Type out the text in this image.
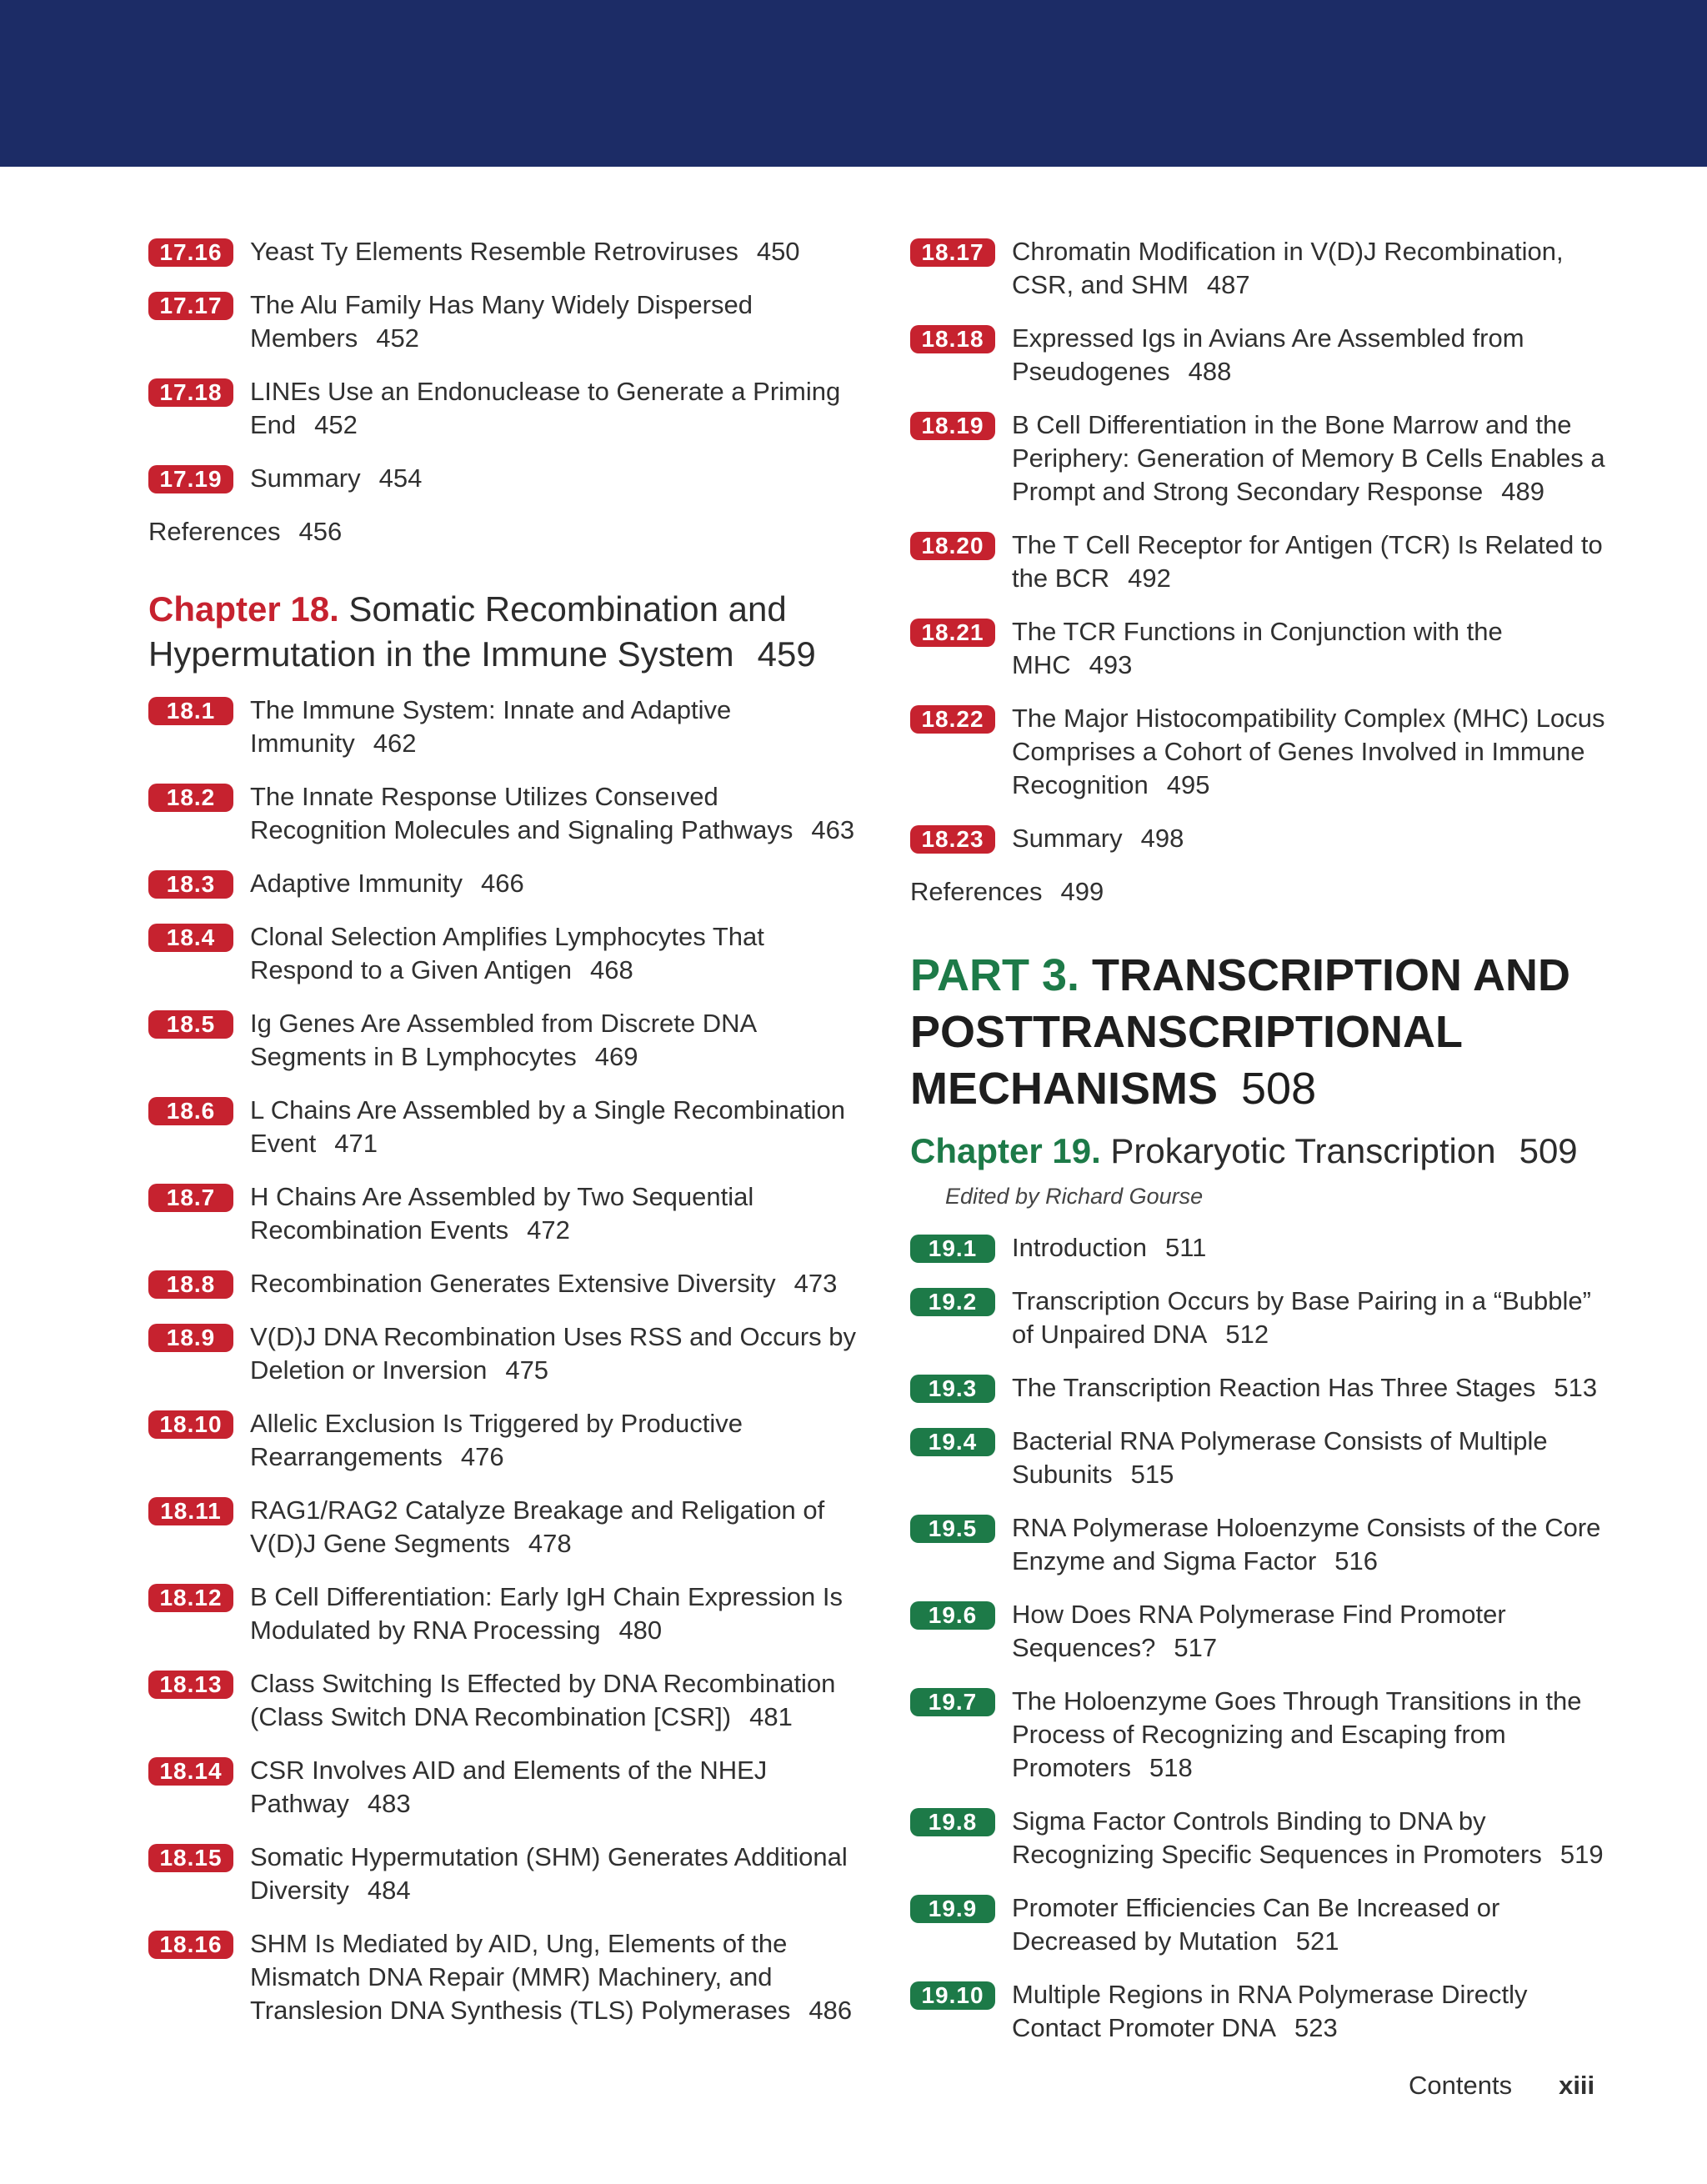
17.16	Yeast Ty Elements Resemble Retroviruses 450
17.17	The Alu Family Has Many Widely Dispersed Members 452
17.18	LINEs Use an Endonuclease to Generate a Priming End 452
17.19	Summary 454
References 456
Chapter 18. Somatic Recombination and Hypermutation in the Immune System 459
18.1	The Immune System: Innate and Adaptive Immunity 462
18.2	The Innate Response Utilizes Conseıved Recognition Molecules and Signaling Pathways 463
18.3	Adaptive Immunity 466
18.4	Clonal Selection Amplifies Lymphocytes That Respond to a Given Antigen 468
18.5	Ig Genes Are Assembled from Discrete DNA Segments in B Lymphocytes 469
18.6	L Chains Are Assembled by a Single Recombination Event 471
18.7	H Chains Are Assembled by Two Sequential Recombination Events 472
18.8	Recombination Generates Extensive Diversity 473
18.9	V(D)J DNA Recombination Uses RSS and Occurs by Deletion or Inversion 475
18.10	Allelic Exclusion Is Triggered by Productive Rearrangements 476
18.11	RAG1/RAG2 Catalyze Breakage and Religation of V(D)J Gene Segments 478
18.12	B Cell Differentiation: Early IgH Chain Expression Is Modulated by RNA Processing 480
18.13	Class Switching Is Effected by DNA Recombination (Class Switch DNA Recombination [CSR]) 481
18.14	CSR Involves AID and Elements of the NHEJ Pathway 483
18.15	Somatic Hypermutation (SHM) Generates Additional Diversity 484
18.16	SHM Is Mediated by AID, Ung, Elements of the Mismatch DNA Repair (MMR) Machinery, and Translesion DNA Synthesis (TLS) Polymerases 486
18.17	Chromatin Modification in V(D)J Recombination, CSR, and SHM 487
18.18	Expressed Igs in Avians Are Assembled from Pseudogenes 488
18.19	B Cell Differentiation in the Bone Marrow and the Periphery: Generation of Memory B Cells Enables a Prompt and Strong Secondary Response 489
18.20	The T Cell Receptor for Antigen (TCR) Is Related to the BCR 492
18.21	The TCR Functions in Conjunction with the MHC 493
18.22	The Major Histocompatibility Complex (MHC) Locus Comprises a Cohort of Genes Involved in Immune Recognition 495
18.23	Summary 498
References 499
PART 3. TRANSCRIPTION AND POSTTRANSCRIPTIONAL MECHANISMS 508
Chapter 19. Prokaryotic Transcription 509
Edited by Richard Gourse
19.1	Introduction 511
19.2	Transcription Occurs by Base Pairing in a “Bubble” of Unpaired DNA 512
19.3	The Transcription Reaction Has Three Stages 513
19.4	Bacterial RNA Polymerase Consists of Multiple Subunits 515
19.5	RNA Polymerase Holoenzyme Consists of the Core Enzyme and Sigma Factor 516
19.6	How Does RNA Polymerase Find Promoter Sequences? 517
19.7	The Holoenzyme Goes Through Transitions in the Process of Recognizing and Escaping from Promoters 518
19.8	Sigma Factor Controls Binding to DNA by Recognizing Specific Sequences in Promoters 519
19.9	Promoter Efficiencies Can Be Increased or Decreased by Mutation 521
19.10	Multiple Regions in RNA Polymerase Directly Contact Promoter DNA 523
Contents xiii
